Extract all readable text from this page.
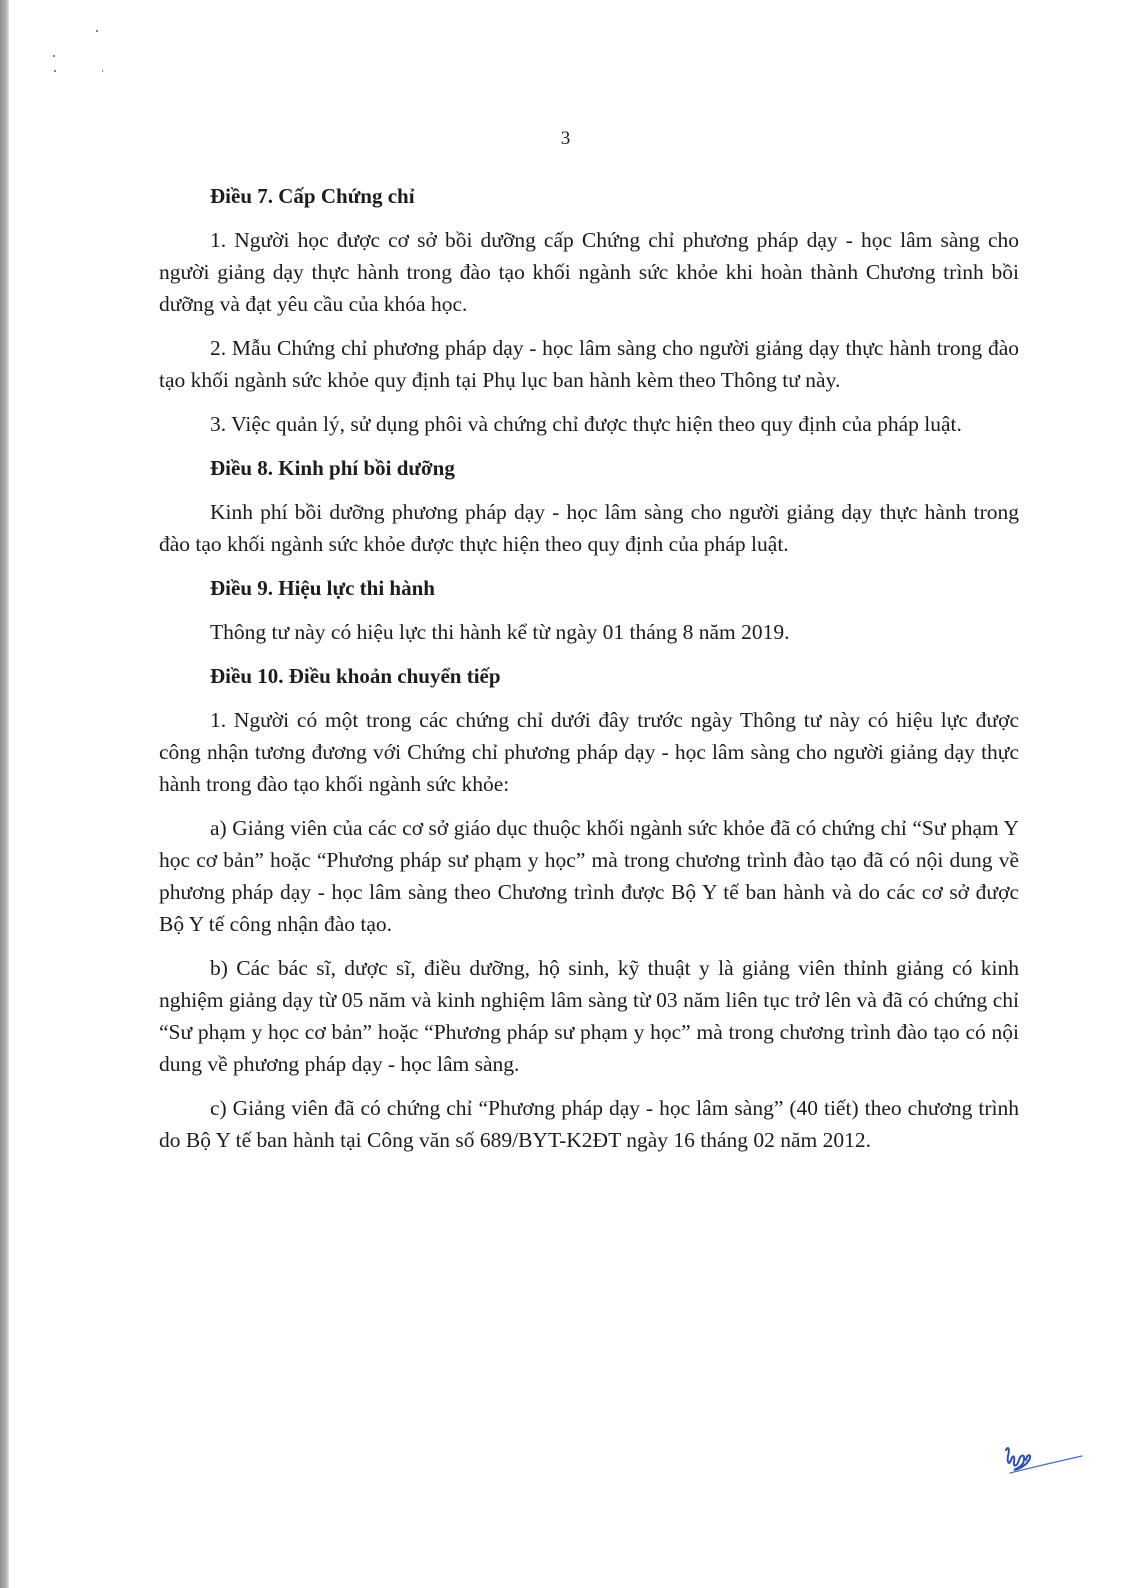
3

Điều 7. Cấp Chứng chỉ

1. Người học được cơ sở bồi dưỡng cấp Chứng chỉ phương pháp dạy - học lâm sàng cho người giảng dạy thực hành trong đào tạo khối ngành sức khỏe khi hoàn thành Chương trình bồi dưỡng và đạt yêu cầu của khóa học.

2. Mẫu Chứng chỉ phương pháp dạy - học lâm sàng cho người giảng dạy thực hành trong đào tạo khối ngành sức khỏe quy định tại Phụ lục ban hành kèm theo Thông tư này.

3. Việc quản lý, sử dụng phôi và chứng chỉ được thực hiện theo quy định của pháp luật.

Điều 8. Kinh phí bồi dưỡng

Kinh phí bồi dưỡng phương pháp dạy - học lâm sàng cho người giảng dạy thực hành trong đào tạo khối ngành sức khỏe được thực hiện theo quy định của pháp luật.

Điều 9. Hiệu lực thi hành

Thông tư này có hiệu lực thi hành kể từ ngày 01 tháng 8 năm 2019.

Điều 10. Điều khoản chuyển tiếp

1. Người có một trong các chứng chỉ dưới đây trước ngày Thông tư này có hiệu lực được công nhận tương đương với Chứng chỉ phương pháp dạy - học lâm sàng cho người giảng dạy thực hành trong đào tạo khối ngành sức khỏe:

a) Giảng viên của các cơ sở giáo dục thuộc khối ngành sức khỏe đã có chứng chỉ “Sư phạm Y học cơ bản” hoặc “Phương pháp sư phạm y học” mà trong chương trình đào tạo đã có nội dung về phương pháp dạy - học lâm sàng theo Chương trình được Bộ Y tế ban hành và do các cơ sở được Bộ Y tế công nhận đào tạo.

b) Các bác sĩ, dược sĩ, điều dưỡng, hộ sinh, kỹ thuật y là giảng viên thỉnh giảng có kinh nghiệm giảng dạy từ 05 năm và kinh nghiệm lâm sàng từ 03 năm liên tục trở lên và đã có chứng chỉ “Sư phạm y học cơ bản” hoặc “Phương pháp sư phạm y học” mà trong chương trình đào tạo có nội dung về phương pháp dạy - học lâm sàng.

c) Giảng viên đã có chứng chỉ “Phương pháp dạy - học lâm sàng” (40 tiết) theo chương trình do Bộ Y tế ban hành tại Công văn số 689/BYT-K2ĐT ngày 16 tháng 02 năm 2012.
